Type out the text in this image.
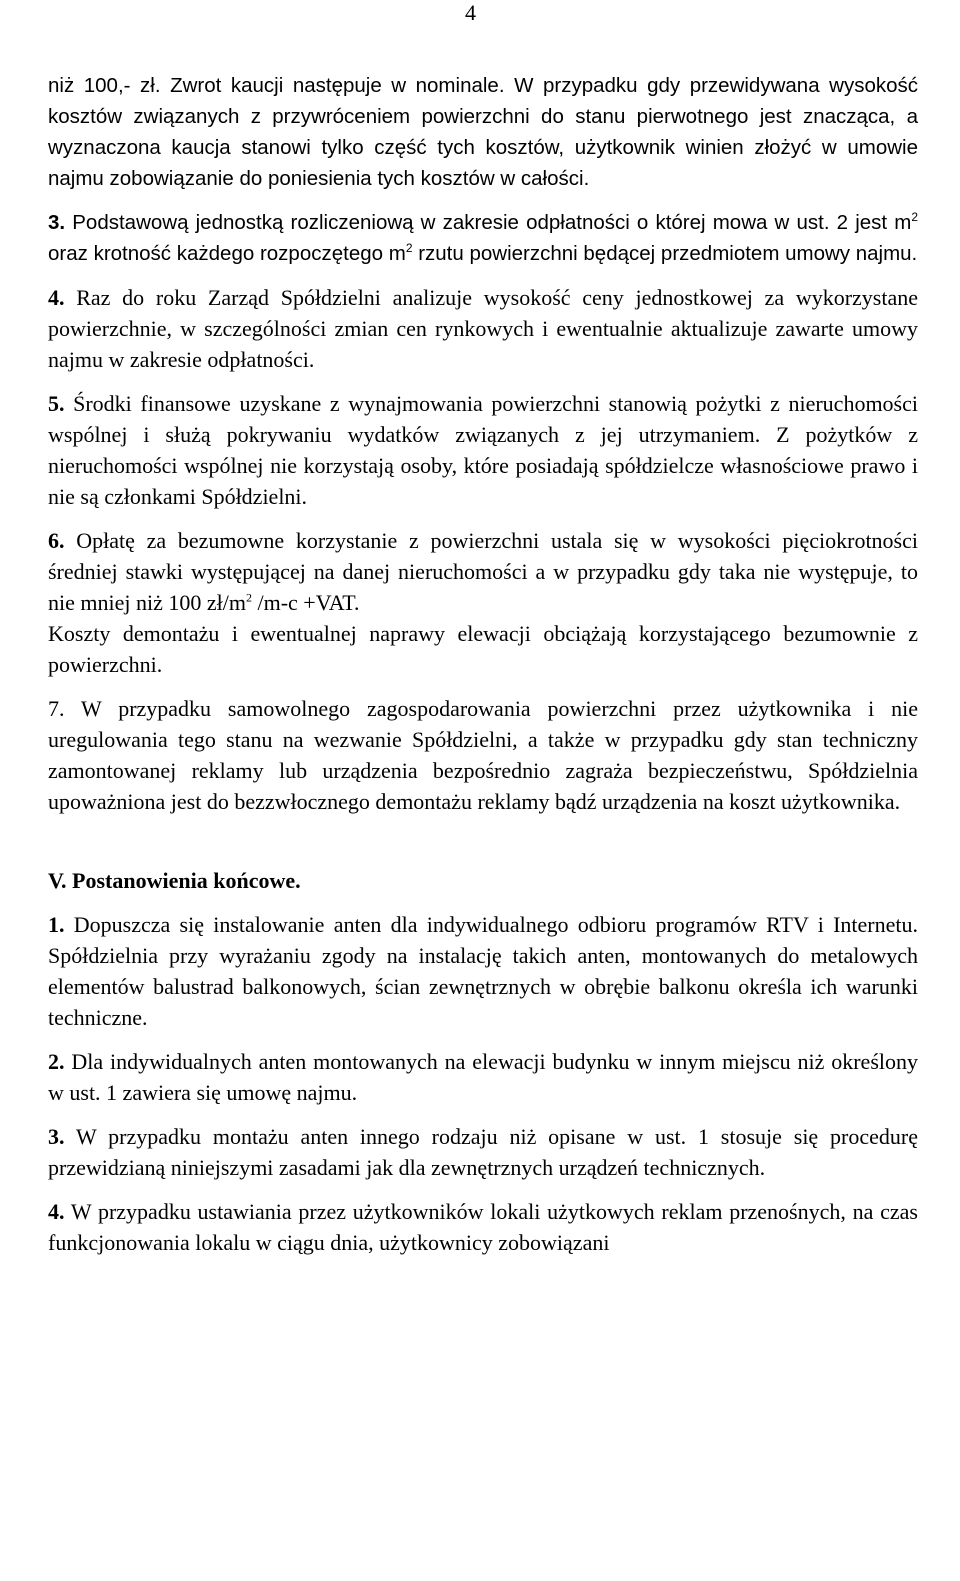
4

niż 100,- zł. Zwrot kaucji następuje w nominale. W przypadku gdy przewidywana wysokość kosztów związanych z przywróceniem powierzchni do stanu pierwotnego jest znacząca, a wyznaczona kaucja stanowi tylko część tych kosztów, użytkownik winien złożyć w umowie najmu zobowiązanie do poniesienia tych kosztów w całości.

3. Podstawową jednostką rozliczeniową w zakresie odpłatności o której mowa w ust. 2 jest $m^2$ oraz krotność każdego rozpoczętego $m^2$ rzutu powierzchni będącej przedmiotem umowy najmu.

4. Raz do roku Zarząd Spółdzielni analizuje wysokość ceny jednostkowej za wykorzystane powierzchnie, w szczególności zmian cen rynkowych i ewentualnie aktualizuje zawarte umowy najmu w zakresie odpłatności.

5. Środki finansowe uzyskane z wynajmowania powierzchni stanowią pożytki z nieruchomości wspólnej i służą pokrywaniu wydatków związanych z jej utrzymaniem. Z pożytków z nieruchomości wspólnej nie korzystają osoby, które posiadają spółdzielcze własnościowe prawo i nie są członkami Spółdzielni.

6. Opłatę za bezumowne korzystanie z powierzchni ustala się w wysokości pięciokrotności średniej stawki występującej na danej nieruchomości a w przypadku gdy taka nie występuje, to nie mniej niż 100 $zł/m^2$ /m-c +VAT.

Koszty demontażu i ewentualnej naprawy elewacji obciążają korzystającego bezumownie z powierzchni.

7. W przypadku samowolnego zagospodarowania powierzchni przez użytkownika i nie uregulowania tego stanu na wezwanie Spółdzielni, a także w przypadku gdy stan techniczny zamontowanej reklamy lub urządzenia bezpośrednio zagraża bezpieczeństwu, Spółdzielnia upoważniona jest do bezzwłocznego demontażu reklamy bądź urządzenia na koszt użytkownika.

V. Postanowienia końcowe.

1. Dopuszcza się instalowanie anten dla indywidualnego odbioru programów RTV i Internetu. Spółdzielnia przy wyrażaniu zgody na instalację takich anten, montowanych do metalowych elementów balustrad balkonowych, ścian zewnętrznych w obrębie balkonu określa ich warunki techniczne.

2. Dla indywidualnych anten montowanych na elewacji budynku w innym miejscu niż określony w ust. 1 zawiera się umowę najmu.

3. W przypadku montażu anten innego rodzaju niż opisane w ust. 1 stosuje się procedurę przewidzianą niniejszymi zasadami jak dla zewnętrznych urządzeń technicznych.

4. W przypadku ustawiania przez użytkowników lokali użytkowych reklam przenośnych, na czas funkcjonowania lokalu w ciągu dnia, użytkownicy zobowiązani
